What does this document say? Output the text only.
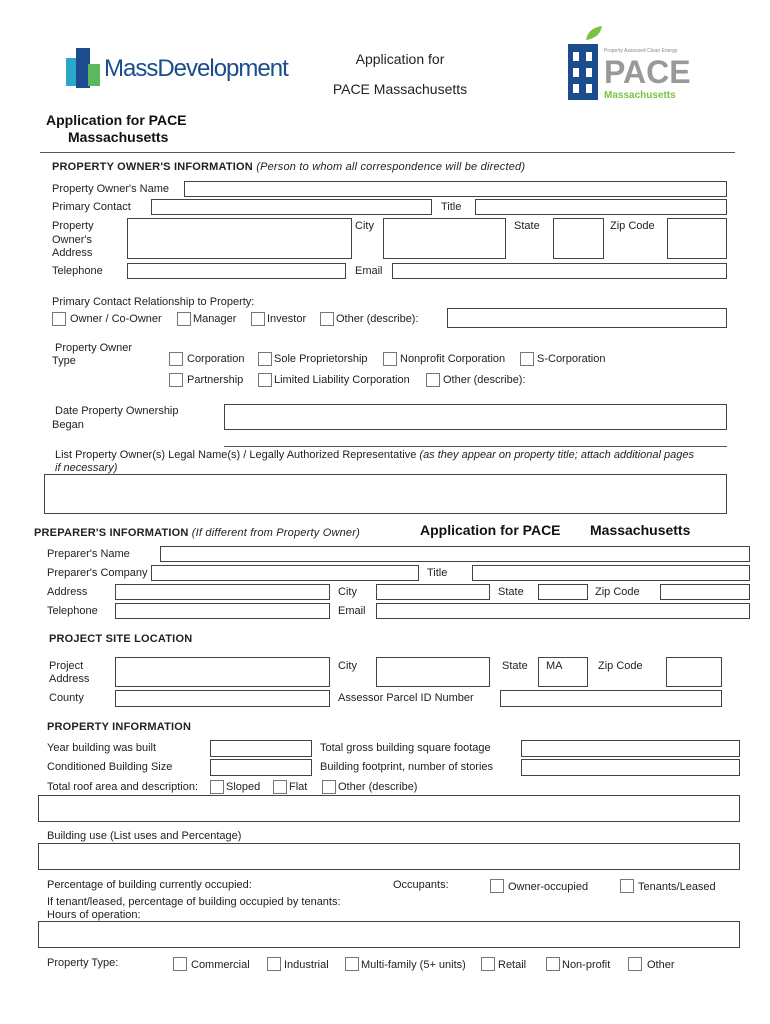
MassDevelopment	Application for
PACE Massachusetts
Property Assessed Clean Energy
PACE
Massachusetts
Application for PACE
Massachusetts
PROPERTY OWNER'S INFORMATION (Person to whom all correspondence will be directed)
Property Owner's Name
Primary Contact	Title
Property
Owner's
Address
City	State	Zip Code
Telephone	Email
Primary Contact Relationship to Property:
Owner / Co-Owner	Manager	Investor	Other (describe):
Property Owner
Type	Corporation	Sole Proprietorship	Nonprofit Corporation	S-Corporation
Partnership	Limited Liability Corporation	Other (describe):
Date Property Ownership
Began
List Property Owner(s) Legal Name(s) / Legally Authorized Representative (as they appear on property title; attach additional pages
if necessary)
PREPARER'S INFORMATION (If different from Property Owner)	Application for PACE Massachusetts
Preparer's Name
Preparer's Company	Title
Address	City	State	Zip Code
Telephone	Email
PROJECT SITE LOCATION
Project
Address
City	State	MA	Zip Code
County	Assessor Parcel ID Number
PROPERTY INFORMATION
Year building was built	Total gross building square footage
Conditioned Building Size	Building footprint, number of stories
Total roof area and description:	Sloped	Flat	Other (describe)
Building use (List uses and Percentage)
Percentage of building currently occupied:	Occupants:	Owner-occupied	Tenants/Leased
If tenant/leased, percentage of building occupied by tenants:
Hours of operation:
Property Type:	Commercial	Industrial	Multi-family (5+ units)	Retail	Non-profit	Other
